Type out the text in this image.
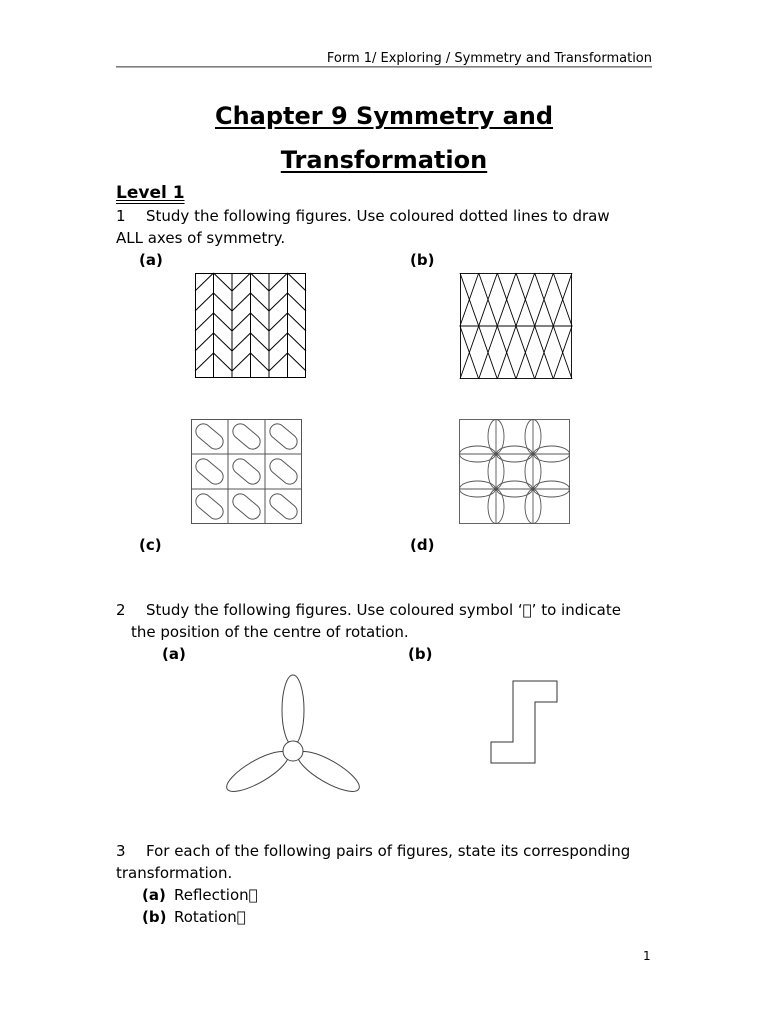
Form 1/ Exploring / Symmetry and Transformation
Chapter 9 Symmetry and
Transformation
Level 1
1 Study the following figures. Use coloured dotted lines to draw
ALL axes of symmetry.
(a)	(b)
(c)	(d)
2 Study the following figures. Use coloured symbol ‘ ’ to indicate
the position of the centre of rotation.
(a)	(b)
3 For each of the following pairs of figures, state its corresponding
transformation.
(a) Reflection 
(b) Rotation 
1
